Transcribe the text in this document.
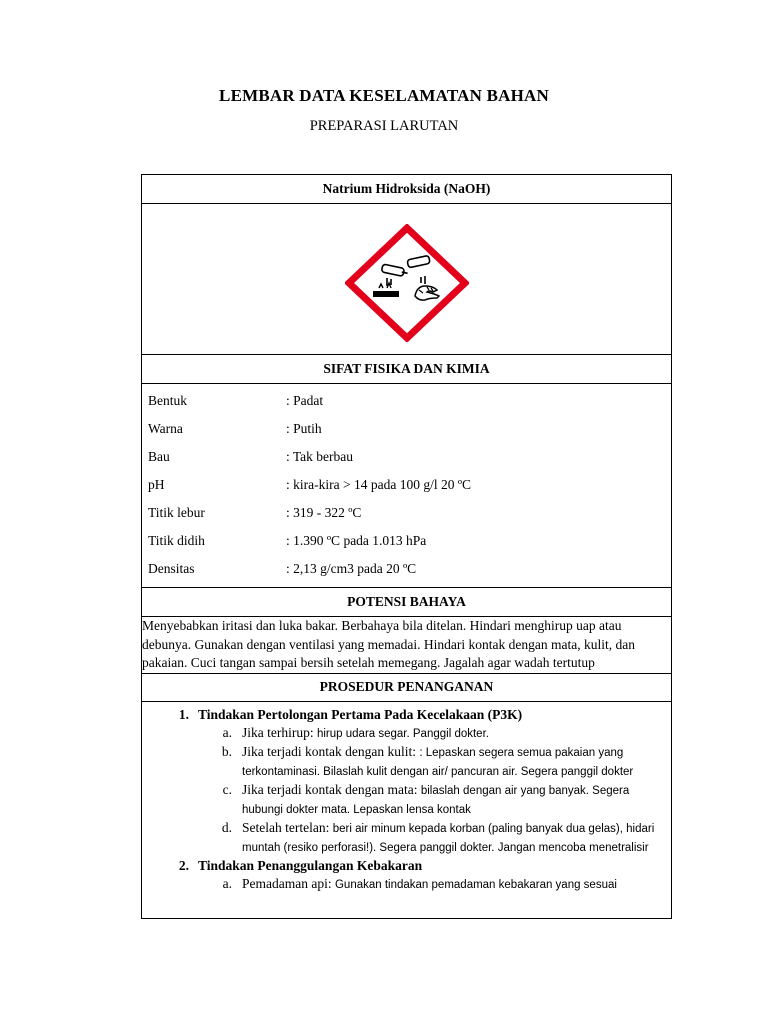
LEMBAR DATA KESELAMATAN BAHAN
PREPARASI LARUTAN
Natrium Hidroksida (NaOH)

SIFAT FISIKA DAN KIMIA

Bentuk	: Padat
Warna	: Putih
Bau	: Tak berbau
pH	: kira-kira > 14 pada 100 g/l 20 ºC
Titik lebur	: 319 - 322 ºC
Titik didih	: 1.390 ºC pada 1.013 hPa
Densitas	: 2,13 g/cm3 pada 20 ºC

POTENSI BAHAYA
Menyebabkan iritasi dan luka bakar. Berbahaya bila ditelan. Hindari menghirup uap atau debunya. Gunakan dengan ventilasi yang memadai. Hindari kontak dengan mata, kulit, dan pakaian. Cuci tangan sampai bersih setelah memegang. Jagalah agar wadah tertutup
PROSEDUR PENANGANAN

1. Tindakan Pertolongan Pertama Pada Kecelakaan (P3K)
a. Jika terhirup: hirup udara segar. Panggil dokter.
b. Jika terjadi kontak dengan kulit: : Lepaskan segera semua pakaian yang terkontaminasi. Bilaslah kulit dengan air/ pancuran air. Segera panggil dokter
c. Jika terjadi kontak dengan mata: bilaslah dengan air yang banyak. Segera hubungi dokter mata. Lepaskan lensa kontak
d. Setelah tertelan: beri air minum kepada korban (paling banyak dua gelas), hidari muntah (resiko perforasi!). Segera panggil dokter. Jangan mencoba menetralisir
2. Tindakan Penanggulangan Kebakaran
a. Pemadaman api: Gunakan tindakan pemadaman kebakaran yang sesuai
